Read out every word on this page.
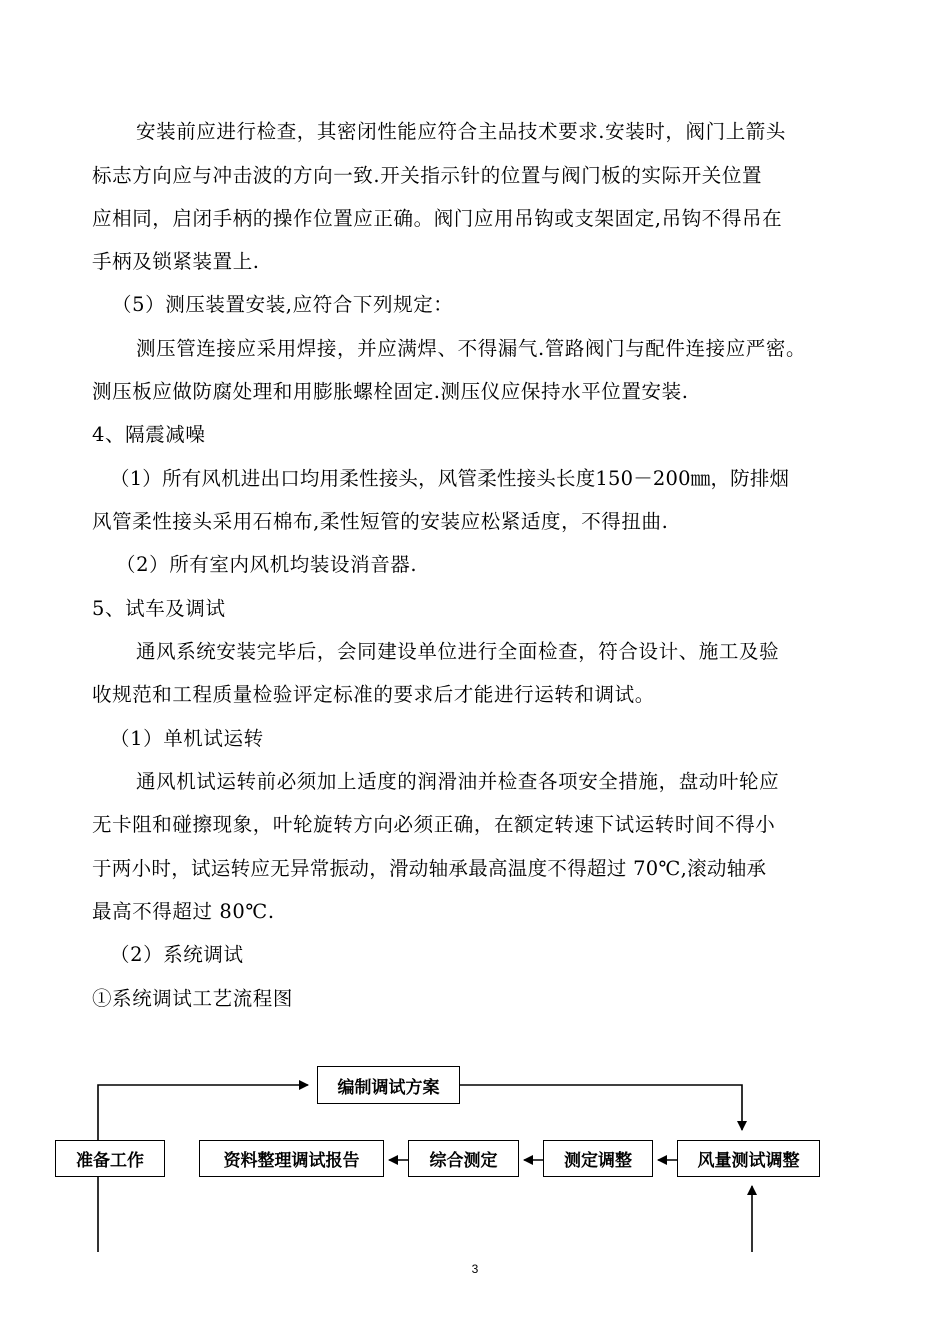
安装前应进行检查，其密闭性能应符合主品技术要求.安装时，阀门上箭头
标志方向应与冲击波的方向一致.开关指示针的位置与阀门板的实际开关位置
应相同，启闭手柄的操作位置应正确。阀门应用吊钩或支架固定,吊钩不得吊在
手柄及锁紧装置上.
（5）测压装置安装,应符合下列规定：
测压管连接应采用焊接，并应满焊、不得漏气.管路阀门与配件连接应严密。
测压板应做防腐处理和用膨胀螺栓固定.测压仪应保持水平位置安装.
4、隔震减噪
（1）所有风机进出口均用柔性接头，风管柔性接头长度150－200㎜，防排烟
风管柔性接头采用石棉布,柔性短管的安装应松紧适度，不得扭曲.
（2）所有室内风机均装设消音器.
5、试车及调试
通风系统安装完毕后，会同建设单位进行全面检查，符合设计、施工及验
收规范和工程质量检验评定标准的要求后才能进行运转和调试。
（1）单机试运转
通风机试运转前必须加上适度的润滑油并检查各项安全措施，盘动叶轮应
无卡阻和碰擦现象，叶轮旋转方向必须正确，在额定转速下试运转时间不得小
于两小时，试运转应无异常振动，滑动轴承最高温度不得超过 70℃,滚动轴承
最高不得超过 80℃.
（2）系统调试
①系统调试工艺流程图
编制调试方案
准备工作	资料整理调试报告	综合测定	测定调整	风量测试调整
3
